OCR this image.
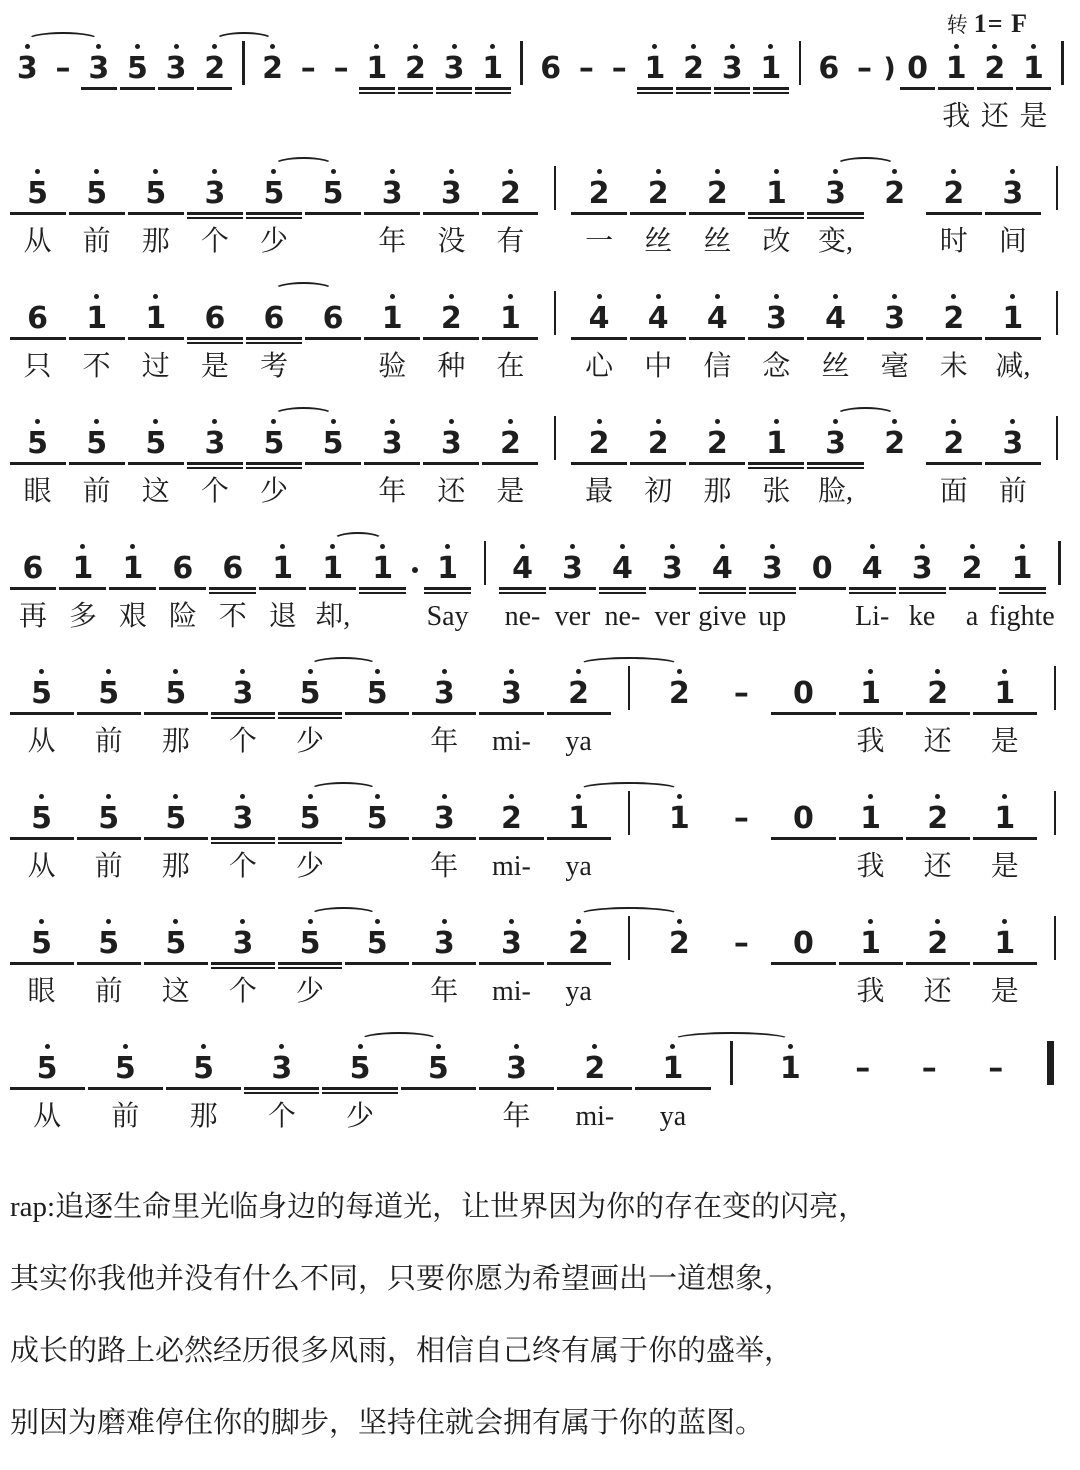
转 1= F
3 – 3 5 3 2 2 – – 1 2 3 1 6 – – 1 2 3 1 6 – ) 0 1
我
2
还
1
是
5
从
5
前
5
那
3
个
5
少
5 3
年
3
没
2
有
2
一
2
丝
2
丝
1
改
3
变,
2 2
时
3
间
6
只
1
不
1
过
6
是
6
考
6 1
验
2
种
1
在
4
心
4
中
4
信
3
念
4
丝
3
毫
2
未
1
减,
5
眼
5
前
5
这
3
个
5
少
5 3
年
3
还
2
是
2
最
2
初
2
那
1
张
3
脸,
2 2
面
3
前
6
再
1
多
1
艰
6
险
6
不
1
退
1
却,
1 1
Say
4
ne-
3
ver
4
ne-
3
ver
4
give
3
up
0 4
Li-
3
ke
2
a
1
fighte
5
从
5
前
5
那
3
个
5
少
5 3
年
3
mi-
2
ya
2 – 0 1
我
2
还
1
是
5
从
5
前
5
那
3
个
5
少
5 3
年
2
mi-
1
ya
1 – 0 1
我
2
还
1
是
5
眼
5
前
5
这
3
个
5
少
5 3
年
3
mi-
2
ya
2 – 0 1
我
2
还
1
是
5
从
5
前
5
那
3
个
5
少
5 3
年
2
mi-
1
ya
1 – – –
rap:追逐生命里光临身边的每道光，让世界因为你的存在变的闪亮，
其实你我他并没有什么不同，只要你愿为希望画出一道想象，
成长的路上必然经历很多风雨，相信自己终有属于你的盛举，
别因为磨难停住你的脚步，坚持住就会拥有属于你的蓝图。
